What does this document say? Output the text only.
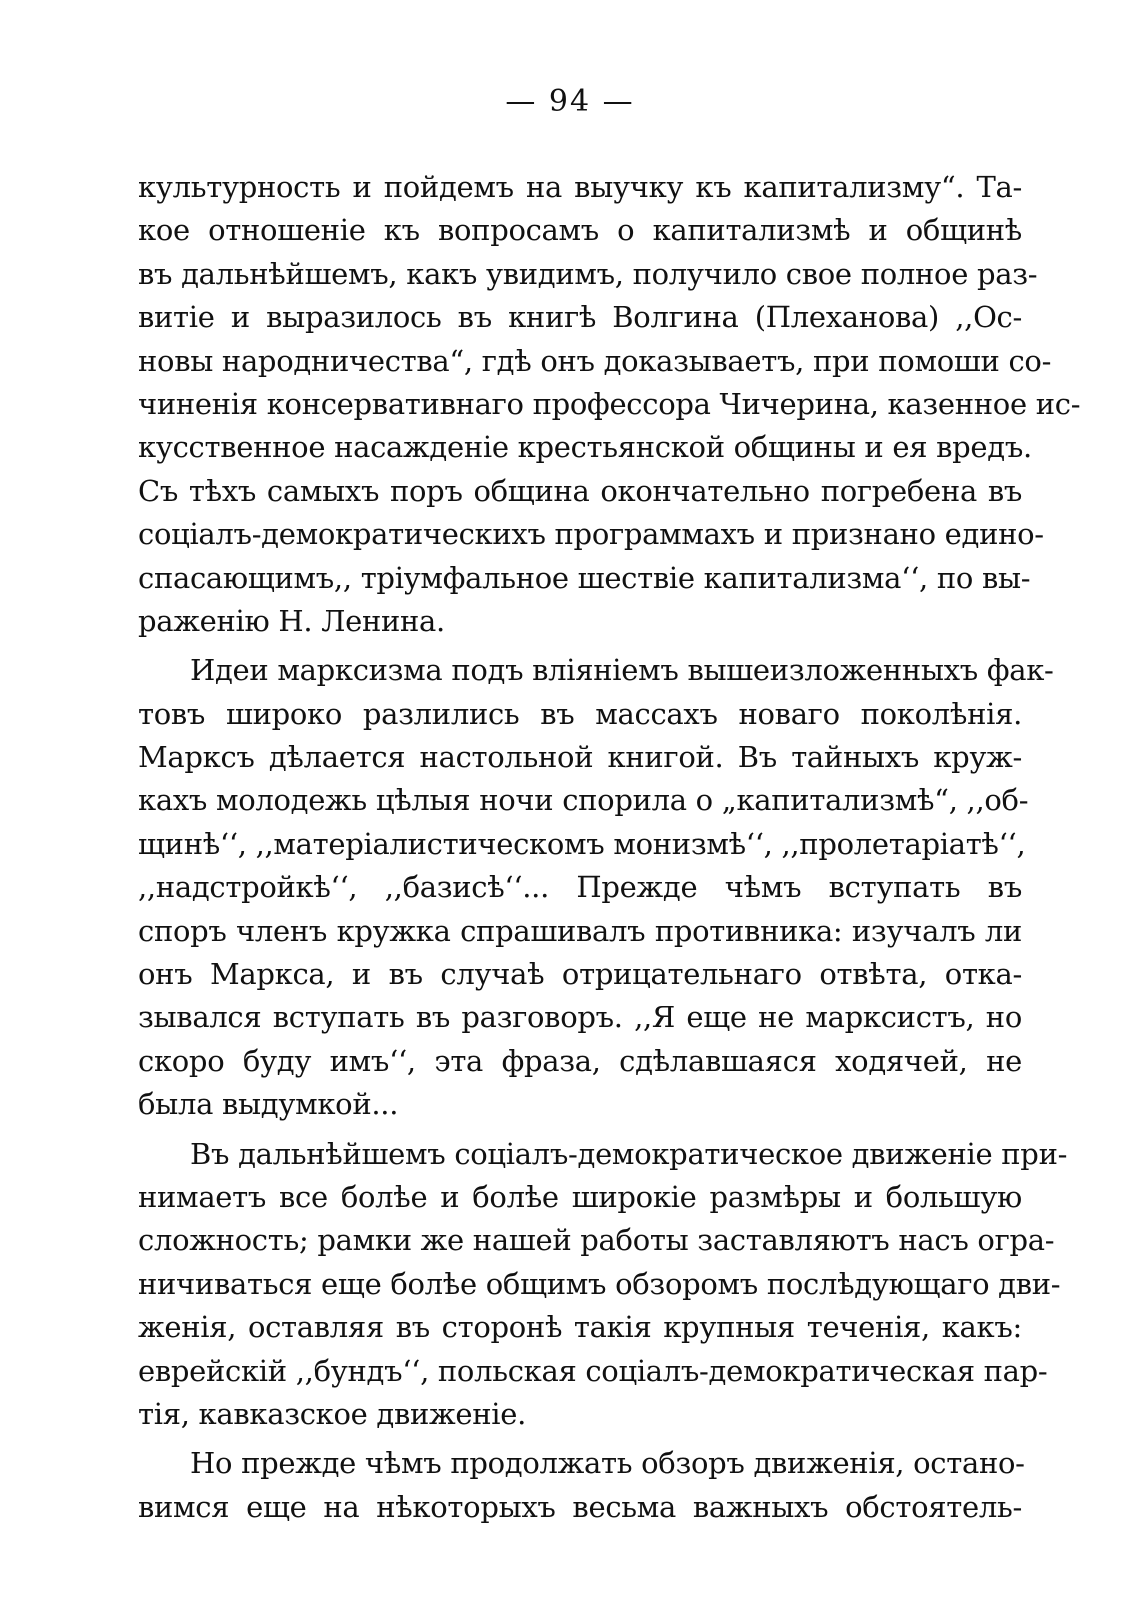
— 94 —
культурность и пойдемъ на выучку къ капитализму“. Та-
кое отношеніе къ вопросамъ о капитализмѣ и общинѣ
въ дальнѣйшемъ, какъ увидимъ, получило свое полное раз-
витіе и выразилось въ книгѣ Волгина (Плеханова) ,,Ос-
новы народничества“, гдѣ онъ доказываетъ, при помоши со-
чиненія консервативнаго профессора Чичерина, казенное ис-
кусственное насажденіе крестьянской общины и ея вредъ.
Съ тѣхъ самыхъ поръ община окончательно погребена въ
соціалъ-демократическихъ программахъ и признано едино-
спасающимъ,, тріумфальное шествіе капитализма‘‘, по вы-
раженію Н. Ленина.
Идеи марксизма подъ вліяніемъ вышеизложенныхъ фак-
товъ широко разлились въ массахъ новаго поколѣнія.
Марксъ дѣлается настольной книгой. Въ тайныхъ круж-
кахъ молодежь цѣлыя ночи спорила о „капитализмѣ“, ,,об-
щинѣ‘‘, ,,матеріалистическомъ монизмѣ‘‘, ,,пролетаріатѣ‘‘,
,,надстройкѣ‘‘, ,,базисѣ‘‘... Прежде чѣмъ вступать въ
споръ членъ кружка спрашивалъ противника: изучалъ ли
онъ Маркса, и въ случаѣ отрицательнаго отвѣта, отка-
зывался вступать въ разговоръ. ,,Я еще не марксистъ, но
скоро буду имъ‘‘, эта фраза, сдѣлавшаяся ходячей, не
была выдумкой...
Въ дальнѣйшемъ соціалъ-демократическое движеніе при-
нимаетъ все болѣе и болѣе широкіе размѣры и большую
сложность; рамки же нашей работы заставляютъ насъ огра-
ничиваться еще болѣе общимъ обзоромъ послѣдующаго дви-
женія, оставляя въ сторонѣ такія крупныя теченія, какъ:
еврейскій ,,бундъ‘‘, польская соціалъ-демократическая пар-
тія, кавказское движеніе.
Но прежде чѣмъ продолжать обзоръ движенія, остано-
вимся еще на нѣкоторыхъ весьма важныхъ обстоятель-
